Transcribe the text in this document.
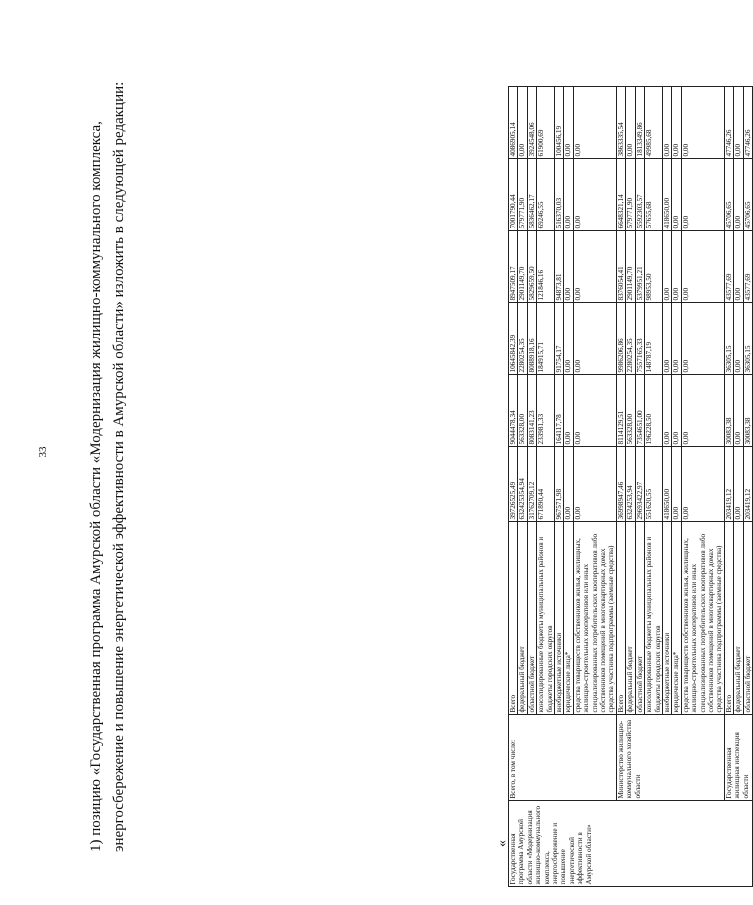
33	1) позицию «Государственная программа Амурской области «Модернизация жилищно-коммунального комплекса, энергосбережение и повышение энергетической эффективности в Амурской области» изложить в следующей редакции:	« Государственная программа Амурской области «Модернизация жилищно-коммунального комплекса, энергосбережение и повышение энергетической эффективности в Амурской области»	Всего, в том числе:	Всего	39726525,49	9044478,34	10645842,39	8947509,17	7001790,44	4086905,14
		федеральный бюджет	632425354,94	563328,00	2280254,35	2901149,70	579771,90	0,00
		областной бюджет	31762709,12	8083141,23	8088918,16	5829659,50	5836462,17	3924548,06
		консолидированные бюджеты муниципальных районов и бюджеты городских округов	671890,44	233981,33	184915,71	121846,16	69246,55	61900,69
		внебюджетные источники	967571,98	164117,78	91754,17	94873,81	516370,03	100456,19
		юридические лица*	0,00	0,00	0,00	0,00	0,00	0,00
		средства товариществ собственников жилья, жилищных, жилищно-строительных кооперативов или иных специализированных потребительских кооперативов либо собственников помещений в многоквартирных домах средства участника подпрограммы (заемные средства)	0,00	0,00	0,00	0,00	0,00	0,00
	Министерство жилищно-коммунального хозяйства области	Всего	36998947,46	8114129,51	9986206,86	8376054,41	6648321,14	3863335,54
		федеральный бюджет	6324253,94	563328,00	2280254,35	2901149,70	579771,90	0,00
		областной бюджет	29693422,97	7354651,00	7557165,33	5379951,21	5592303,57	1813349,86
		консолидированные бюджеты муниципальных районов и бюджеты городских округов	551620,55	196228,50	148787,19	98953,50	57655,68	49985,68
		внебюджетные источники	418650,00	0,00	0,00	0,00	418650,00	0,00
		юридические лица*	0,00	0,00	0,00	0,00	0,00	0,00
		средства товариществ собственников жилья, жилищных, жилищно-строительных кооперативов или иных специализированных потребительских кооперативов либо собственников помещений в многоквартирных домах средства участника подпрограммы (заемные средства)	0,00	0,00	0,00	0,00	0,00	0,00
	Государственная жилищная инспекция области	Всего	203419,12	30083,38	36305,15	43577,69	45706,65	47746,26
		федеральный бюджет	0,00	0,00	0,00	0,00	0,00	0,00
		областной бюджет	203419,12	30083,38	36305,15	43577,69	45706,65	47746,26
